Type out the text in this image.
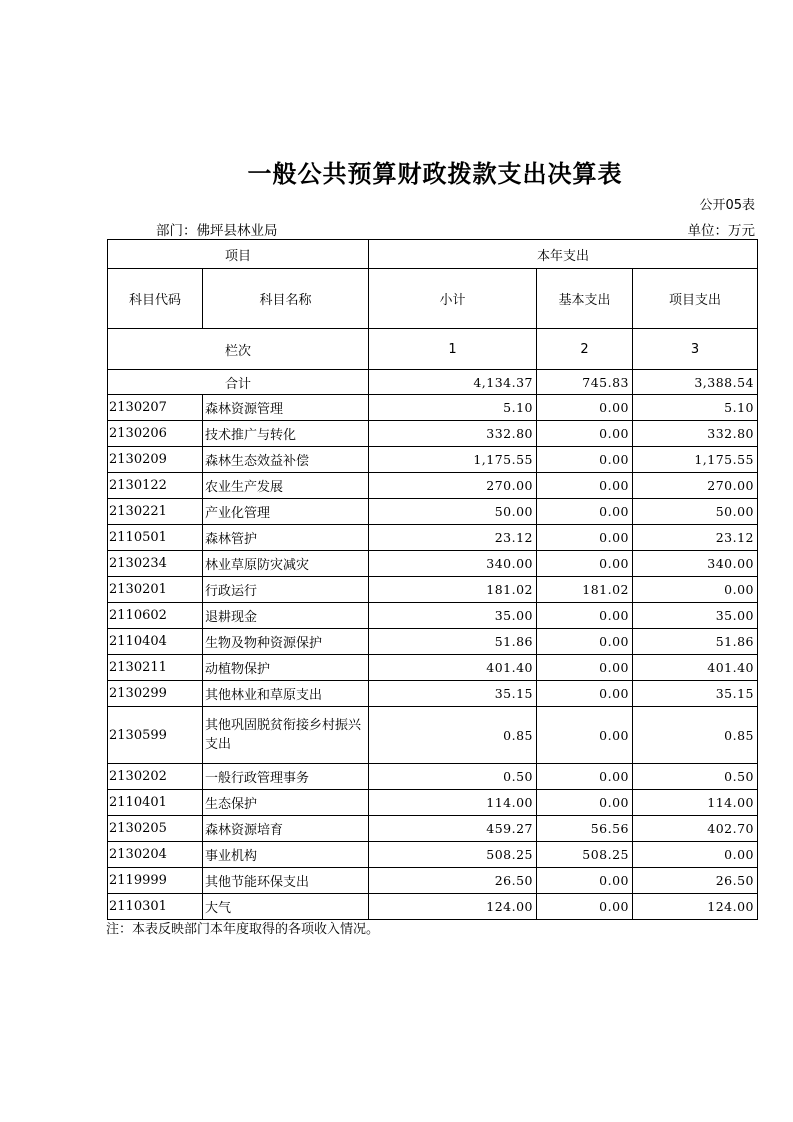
一般公共预算财政拨款支出决算表
公开05表
部门：佛坪县林业局	单位：万元
项目		本年支出		
科目代码	科目名称	小计	基本支出	项目支出
栏次		1	2	3
合计		4,134.37	745.83	3,388.54
2130207	森林资源管理	5.10	0.00	5.10
2130206	技术推广与转化	332.80	0.00	332.80
2130209	森林生态效益补偿	1,175.55	0.00	1,175.55
2130122	农业生产发展	270.00	0.00	270.00
2130221	产业化管理	50.00	0.00	50.00
2110501	森林管护	23.12	0.00	23.12
2130234	林业草原防灾减灾	340.00	0.00	340.00
2130201	行政运行	181.02	181.02	0.00
2110602	退耕现金	35.00	0.00	35.00
2110404	生物及物种资源保护	51.86	0.00	51.86
2130211	动植物保护	401.40	0.00	401.40
2130299	其他林业和草原支出	35.15	0.00	35.15
2130599	其他巩固脱贫衔接乡村振兴支出	0.85	0.00	0.85
2130202	一般行政管理事务	0.50	0.00	0.50
2110401	生态保护	114.00	0.00	114.00
2130205	森林资源培育	459.27	56.56	402.70
2130204	事业机构	508.25	508.25	0.00
2119999	其他节能环保支出	26.50	0.00	26.50
2110301	大气	124.00	0.00	124.00
注：本表反映部门本年度取得的各项收入情况。
